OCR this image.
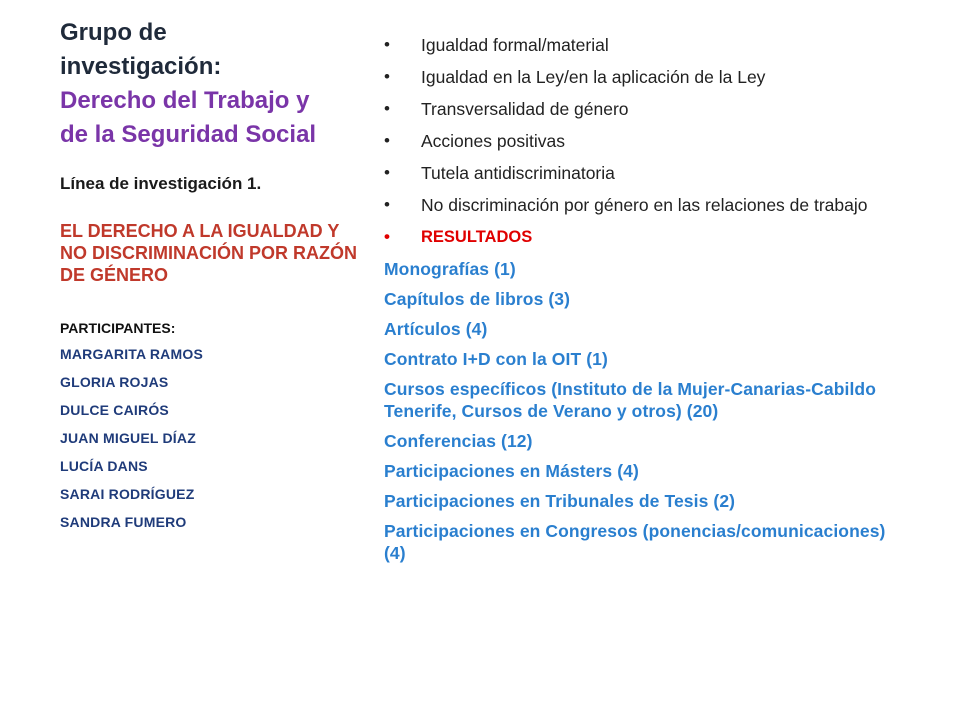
Grupo de
investigación:
Derecho del Trabajo y
de la Seguridad Social
Línea de investigación 1.
EL DERECHO A LA IGUALDAD Y NO DISCRIMINACIÓN POR RAZÓN DE GÉNERO
PARTICIPANTES:
MARGARITA RAMOS
GLORIA ROJAS
DULCE CAIRÓS
JUAN MIGUEL DÍAZ
LUCÍA DANS
SARAI RODRÍGUEZ
SANDRA FUMERO
• Igualdad formal/material
• Igualdad en la Ley/en la aplicación de la Ley
• Transversalidad de género
• Acciones positivas
• Tutela antidiscriminatoria
• No discriminación por género en las relaciones de trabajo
• RESULTADOS
Monografías (1)
Capítulos de libros (3)
Artículos (4)
Contrato I+D con la OIT (1)
Cursos específicos (Instituto de la Mujer-Canarias-Cabildo Tenerife, Cursos de Verano y otros) (20)
Conferencias (12)
Participaciones en Másters (4)
Participaciones en Tribunales de Tesis (2)
Participaciones en Congresos (ponencias/comunicaciones) (4)
